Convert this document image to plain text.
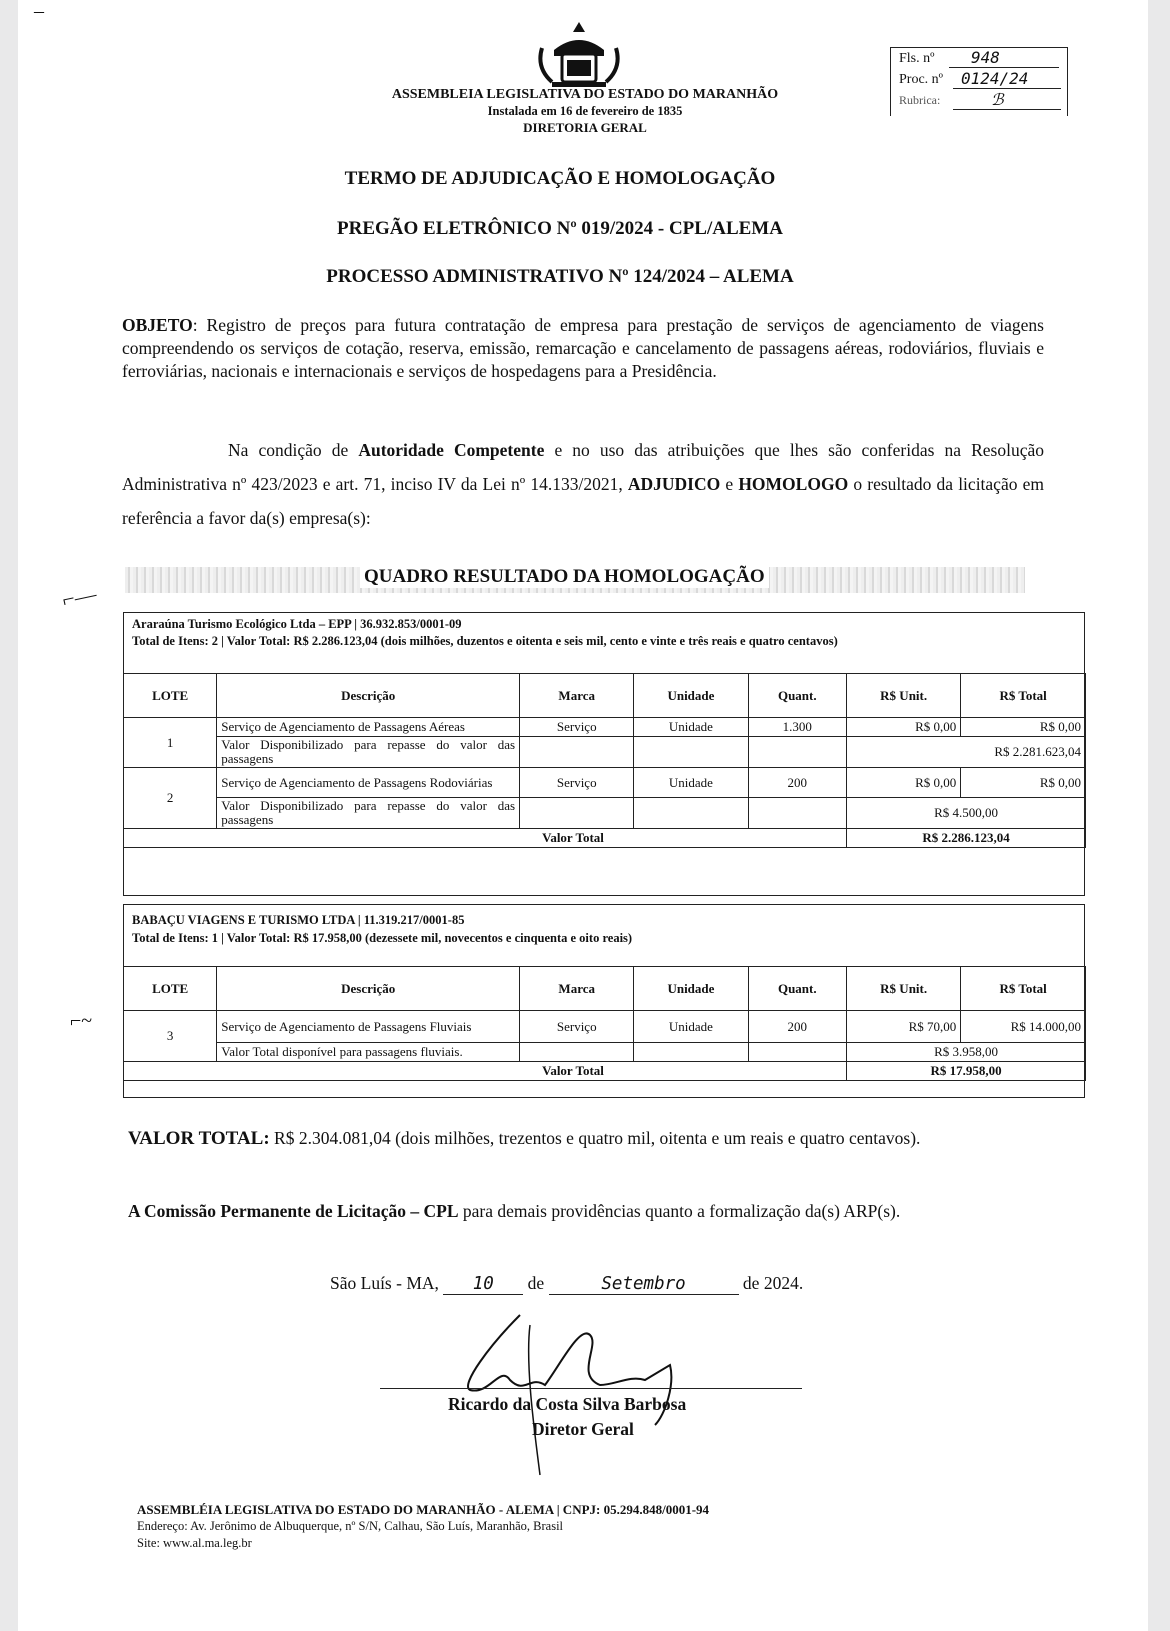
–
⌐—
⌐~
ASSEMBLEIA LEGISLATIVA DO ESTADO DO MARANHÃO
Instalada em 16 de fevereiro de 1835
DIRETORIA GERAL
Fls. nº 948
Proc. nº 0124/24
Rubrica:	ℬ
TERMO DE ADJUDICAÇÃO E HOMOLOGAÇÃO
PREGÃO ELETRÔNICO Nº 019/2024 - CPL/ALEMA
PROCESSO ADMINISTRATIVO Nº 124/2024 – ALEMA
OBJETO: Registro de preços para futura contratação de empresa para prestação de serviços de agenciamento de viagens compreendendo os serviços de cotação, reserva, emissão, remarcação e cancelamento de passagens aéreas, rodoviários, fluviais e ferroviárias, nacionais e internacionais e serviços de hospedagens para a Presidência.
Na condição de Autoridade Competente e no uso das atribuições que lhes são conferidas na Resolução Administrativa nº 423/2023 e art. 71, inciso IV da Lei nº 14.133/2021, ADJUDICO e HOMOLOGO o resultado da licitação em referência a favor da(s) empresa(s):
QUADRO RESULTADO DA HOMOLOGAÇÃO
Araraúna Turismo Ecológico Ltda – EPP | 36.932.853/0001-09
Total de Itens: 2 | Valor Total: R$ 2.286.123,04 (dois milhões, duzentos e oitenta e seis mil, cento e vinte e três reais e quatro centavos)
LOTE	Descrição	Marca	Unidade	Quant.	R$ Unit.	R$ Total
1	Serviço de Agenciamento de Passagens Aéreas	Serviço	Unidade	1.300	R$ 0,00	R$ 0,00
	Valor Disponibilizado para repasse do valor das passagens				R$ 2.281.623,04	
2	Serviço de Agenciamento de Passagens Rodoviárias	Serviço	Unidade	200	R$ 0,00	R$ 0,00
	Valor Disponibilizado para repasse do valor das passagens				R$ 4.500,00	
Valor Total					R$ 2.286.123,04	
BABAÇU VIAGENS E TURISMO LTDA | 11.319.217/0001-85
Total de Itens: 1 | Valor Total: R$ 17.958,00 (dezessete mil, novecentos e cinquenta e oito reais)
LOTE	Descrição	Marca	Unidade	Quant.	R$ Unit.	R$ Total
3	Serviço de Agenciamento de Passagens Fluviais	Serviço	Unidade	200	R$ 70,00	R$ 14.000,00
	Valor Total disponível para passagens fluviais.				R$ 3.958,00	
Valor Total					R$ 17.958,00	
VALOR TOTAL: R$ 2.304.081,04 (dois milhões, trezentos e quatro mil, oitenta e um reais e quatro centavos).
A Comissão Permanente de Licitação – CPL para demais providências quanto a formalização da(s) ARP(s).
São Luís - MA, 10 de	Setembro	de 2024.
Ricardo da Costa Silva Barbosa
Diretor Geral
ASSEMBLÉIA LEGISLATIVA DO ESTADO DO MARANHÃO - ALEMA | CNPJ: 05.294.848/0001-94
Endereço: Av. Jerônimo de Albuquerque, nº S/N, Calhau, São Luís, Maranhão, Brasil
Site: www.al.ma.leg.br
